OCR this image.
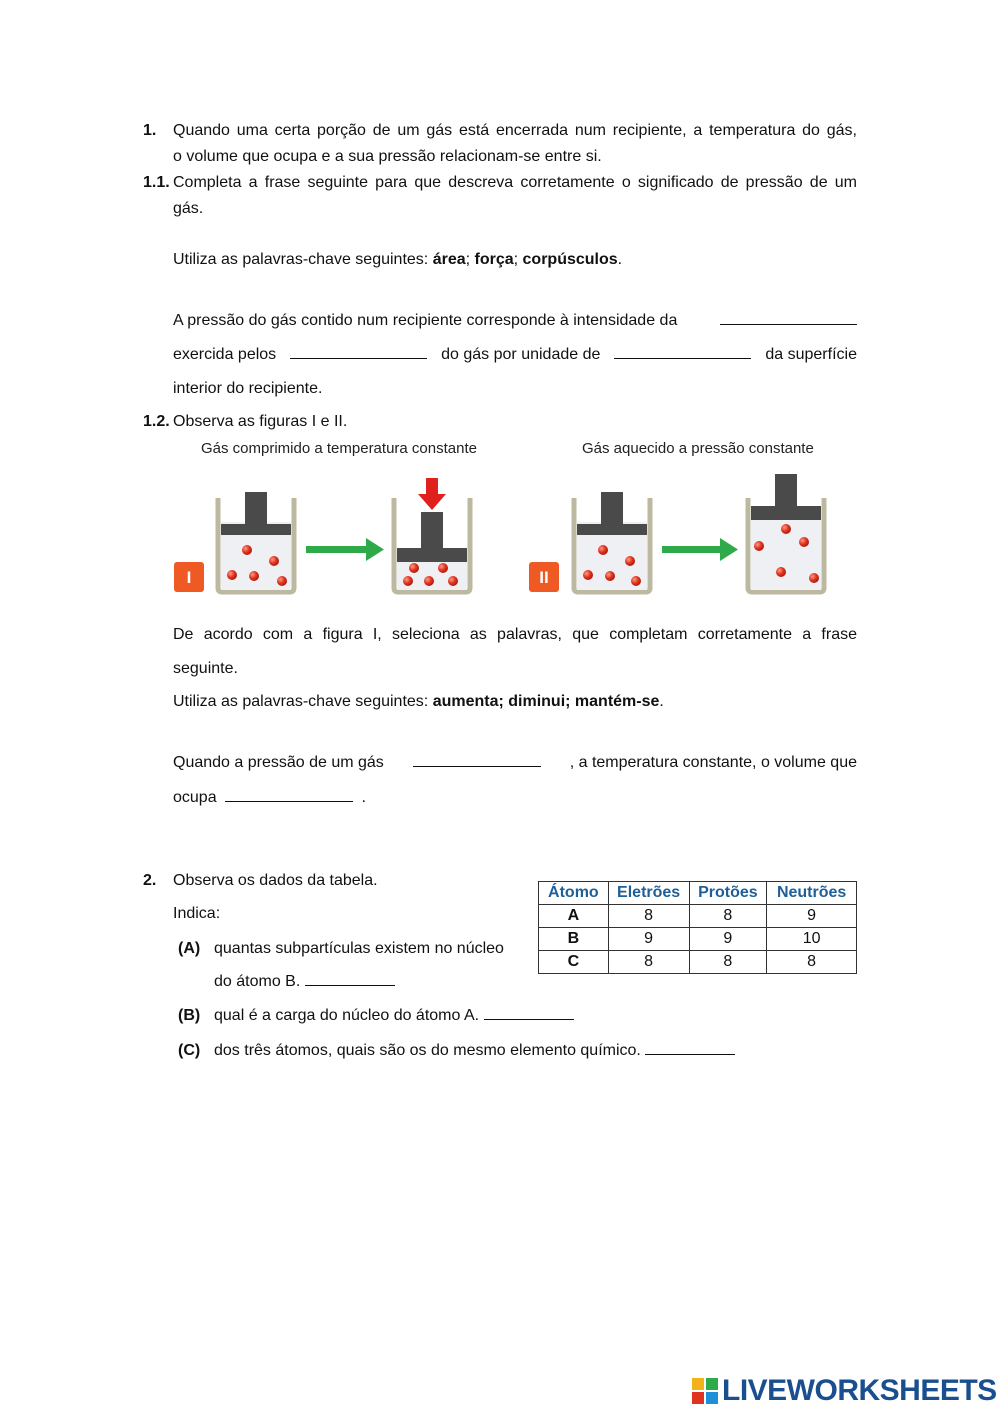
1. Quando uma certa porção de um gás está encerrada num recipiente, a temperatura do gás,
o volume que ocupa e a sua pressão relacionam-se entre si.
1.1. Completa a frase seguinte para que descreva corretamente o significado de pressão de um
gás.
Utiliza as palavras-chave seguintes: área; força; corpúsculos.
A pressão do gás contido num recipiente corresponde à intensidade da
exercida pelos	do gás por unidade de	da superfície
interior do recipiente.
1.2. Observa as figuras I e II.
Gás comprimido a temperatura constante	Gás aquecido a pressão constante
I	II
De acordo com a figura I, seleciona as palavras, que completam corretamente a frase
seguinte.
Utiliza as palavras-chave seguintes: aumenta; diminui; mantém-se.
Quando a pressão de um gás	, a temperatura constante, o volume que
ocupa	.
2. Observa os dados da tabela.
Indica:
(A) quantas subpartículas existem no núcleo
do átomo B.
(B) qual é a carga do núcleo do átomo A.
(C) dos três átomos, quais são os do mesmo elemento químico.
Átomo	Eletrões	Protões	Neutrões
A	8	8	9
B	9	9	10
C	8	8	8
LIVEWORKSHEETS
